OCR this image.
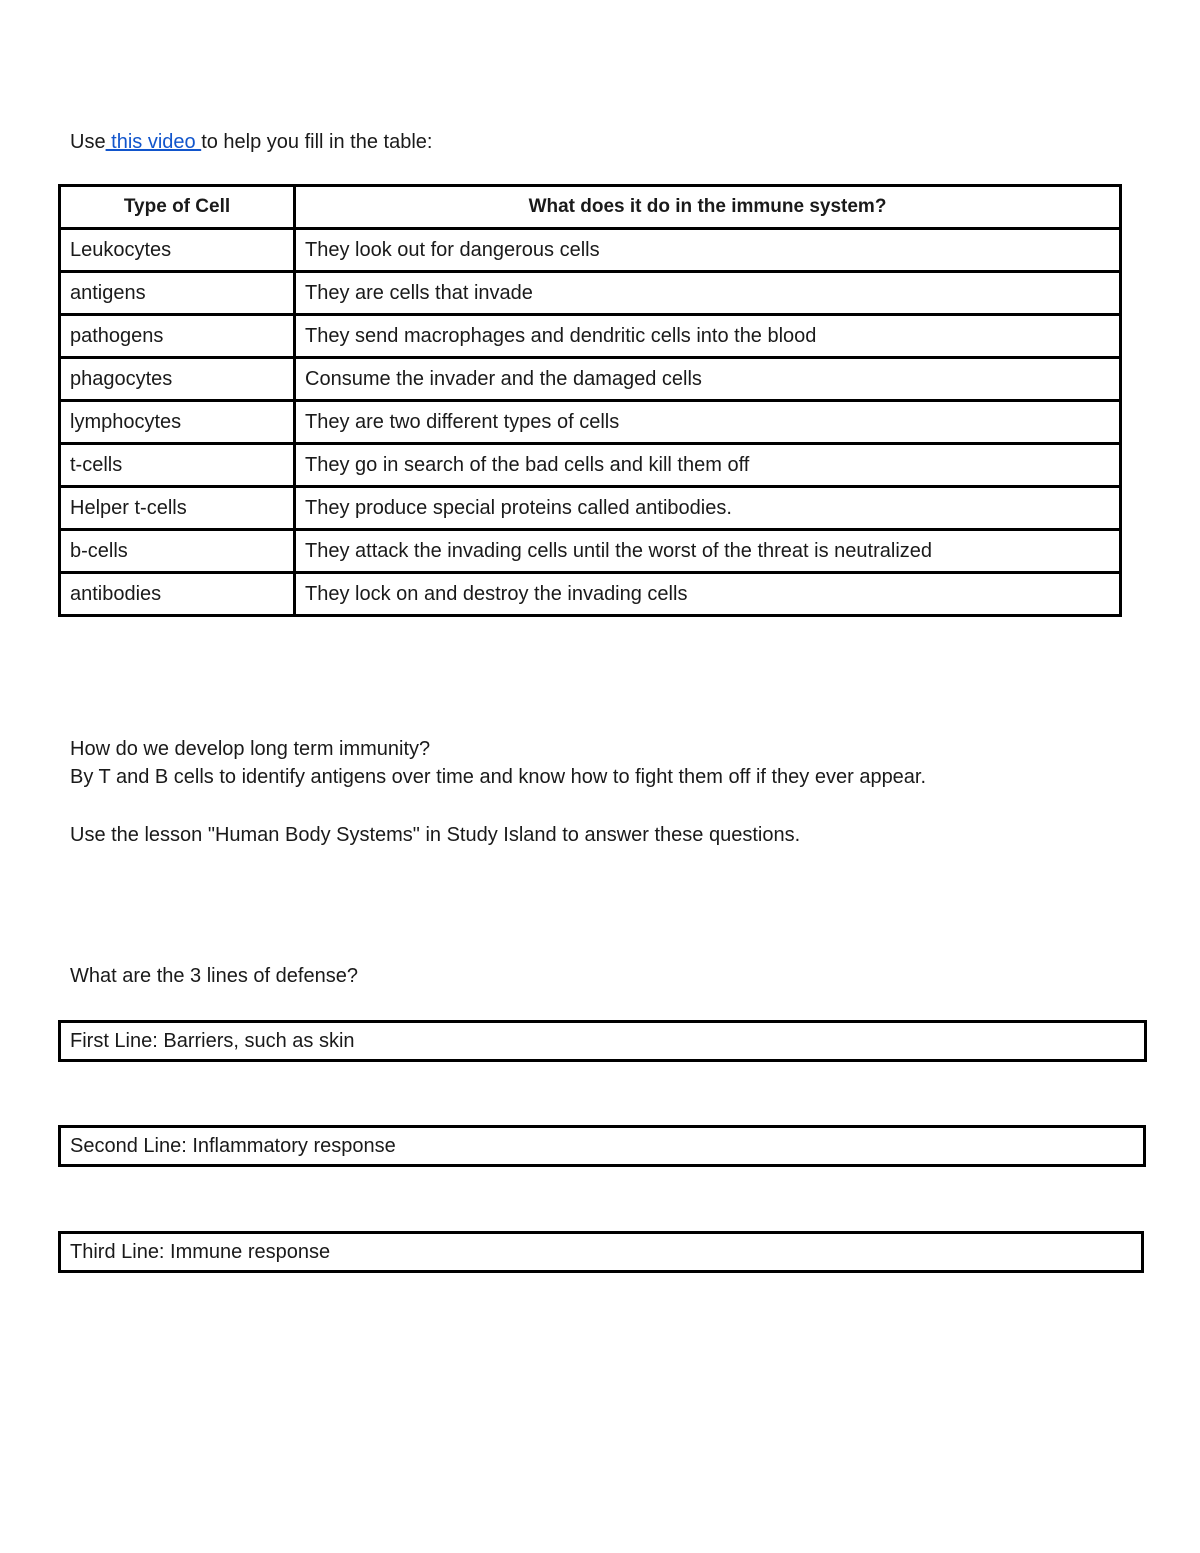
Use this video to help you fill in the table:
Type of Cell	What does it do in the immune system?
Leukocytes	They look out for dangerous cells
antigens	They are cells that invade
pathogens	They send macrophages and dendritic cells into the blood
phagocytes	Consume the invader and the damaged cells
lymphocytes	They are two different types of cells
t-cells	They go in search of the bad cells and kill them off
Helper t-cells	They produce special proteins called antibodies.
b-cells	They attack the invading cells until the worst of the threat is neutralized
antibodies	They lock on and destroy the invading cells
How do we develop long term immunity?
By T and B cells to identify antigens over time and know how to fight them off if they ever appear.
Use the lesson "Human Body Systems" in Study Island to answer these questions.
What are the 3 lines of defense?
First Line: Barriers, such as skin
Second Line: Inflammatory response
Third Line: Immune response
